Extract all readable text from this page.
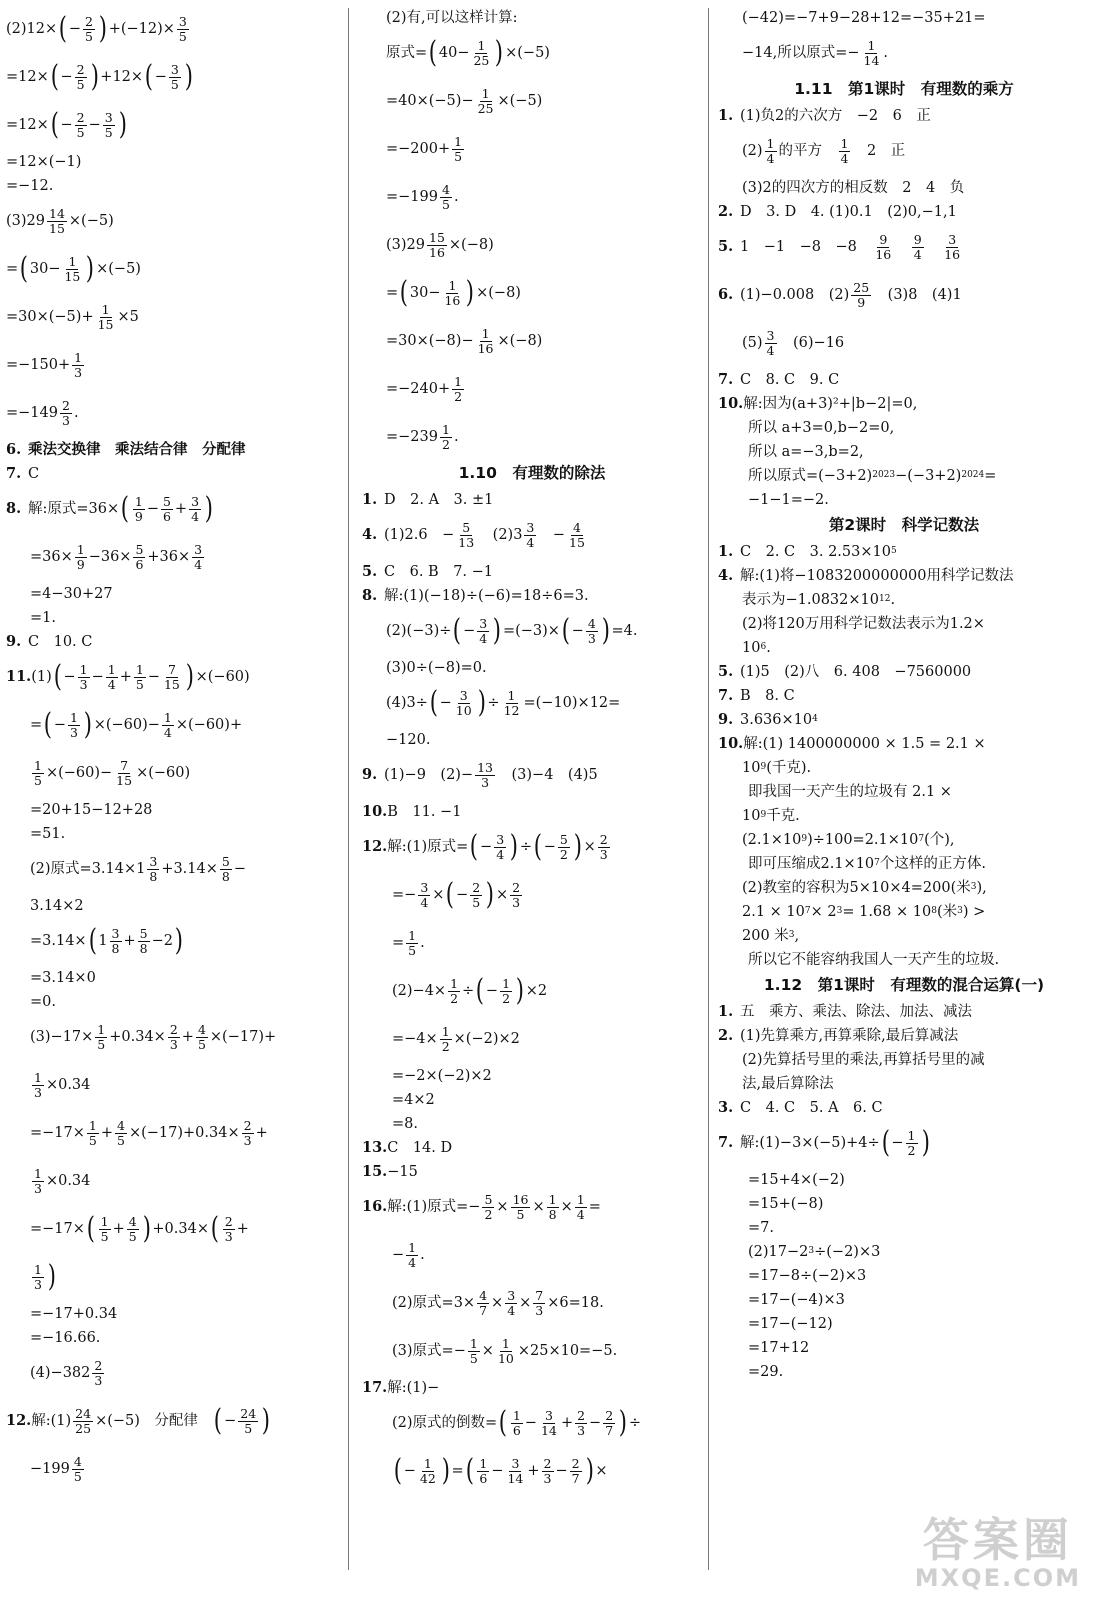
(2)12× ( − 2
5 ) $+(-12)\times \frac{3}{5}$
=12× ( − 2
5 ) +12× ( − 3
5 )
=12× ( − 2
5 − 3
5 )
=12×(−1)
=−12.
$(3)29 \frac{14}{15} \times(-5)$
= ( $30- \frac{1}{15}$ ) ×(−5)
$=30\times(-5)+ \frac{1}{15} \times 5$
$=-150+ \frac{1}{3}$
=−149 2
3 .
6. 乘法交换律　乘法结合律　分配律
7. C
8. 解:原式=36× ( 1
9 − 5
6 + 3
4 )
$=36\times \frac{1}{9} -36\times \frac{5}{6} +36\times \frac{3}{4}$
=4−30+27
=1.
9. C　10. C
11. (1) ( − 1
3 − 1
4 + 1
5 − 7
15 ) ×(−60)
= ( − 1
3 ) $\times(-60)- \frac{1}{4} \times(-60)+$
$\frac{1}{5} \times(-60)- \frac{7}{15} \times(-60)$
=20+15−12+28
=51.
(2)原式=3.14×1 3
$8 +3.14\times \frac{5}{8}$ −
3.14×2
=3.14× ( 1 3
8 + 5
8 −2 )
=3.14×0
=0.
$(3)-17\times \frac{1}{5} +0.34\times \frac{2}{3} + \frac{4}{5} \times(-17)+$
$\frac{1}{3} \times 0.34$
$=-17\times \frac{1}{5} + \frac{4}{5} \times(-17)+0.34\times \frac{2}{3}$ +
$\frac{1}{3} \times 0.34$
=−17× ( 1
$5 + \frac{4}{5}$ ) +0.34× ( 2
3 +
1
3 )
=−17+0.34
=−16.66.
(4)−382 2
3
12. 解:(1) $\frac{24}{25} \times(-5)$　分配律　 ( − 24
5 )
−199 4
5
(2)有,可以这样计算:
原式= ( $40- \frac{1}{25}$ ) ×(−5)
$=40\times(-5)- \frac{1}{25} \times(-5)$
$=-200+ \frac{1}{5}$
=−199 4
5 .
$(3)29 \frac{15}{16} \times(-8)$
= ( $30- \frac{1}{16}$ ) ×(−8)
$=30\times(-8)- \frac{1}{16} \times(-8)$
$=-240+ \frac{1}{2}$
=−239 1
2 .
1.10　有理数的除法
1. D　2. A　3. ±1
4. (1)2.6　− $\frac{5}{13}$ 　(2)3 3
4 　− $\frac{4}{15}$
5. C　6. B　7. −1
8. 解:(1)(−18)÷(−6)=18÷6=3.
(2)(−3)÷ ( − 3
4 ) =(−3)× ( − 4
3 ) =4.
(3)0÷(−8)=0.
(4)3÷ ( − 3
10 ) ÷ $\frac{1}{12} =(-10)\times 12=$
−120.
9. (1)−9　$(2)- \frac{13}{3}$ 　(3)−4　(4)5
10. B　11. −1
12. 解:(1)原式= ( − 3
4 ) ÷ ( − 5
2 ) × $\frac{2}{3}$
=− $\frac{3}{4}$ × ( − 2
5 ) × $\frac{2}{3}$
= $\frac{1}{5}$ .
$(2)-4\times \frac{1}{2}$ ÷ ( − 1
2 ) ×2
$=-4\times \frac{1}{2} \times(-2)\times 2$
=−2×(−2)×2
=4×2
=8.
13. C　14. D
15. −15
16. 解:(1)原式=− $\frac{5}{2} \times \frac{16}{5} \times \frac{1}{8} \times \frac{1}{4}$ =
− $\frac{1}{4}$ .
(2)原式$=3\times \frac{4}{7} \times \frac{3}{4} \times \frac{7}{3} \times 6=18$.
(3)原式=− $\frac{1}{5} \times \frac{1}{10} \times 25\times 10=-5$.
17. 解:(1)−
(2)原式的倒数= ( 1
$6 - \frac{3}{14} + \frac{2}{3} - \frac{2}{7}$ ) ÷
( − 1
42 ) = ( 1
$6 - \frac{3}{14} + \frac{2}{3} - \frac{2}{7}$ ) ×
(−42)=−7+9−28+12=−35+21=
−14,所以原式=− $\frac{1}{14}$ .
1.11　第1课时　有理数的乘方
1. (1)负2的六次方　−2　6　正
(2) 1
4 的平方　 1
4 　2　正
(3)2的四次方的相反数　2　4　负
2. D　3. D　4. (1)0.1　(2)0,−1,1
5. 1　−1　−8　−8　 9
16

9
4

3
16
6. (1)−0.008　(2) 25
9 　(3)8　(4)1
(5) 3
4 　(6)−16
7. C　8. C　9. C
10. 解:因为(a+3)²+|b−2|=0,
所以 a+3=0,b−2=0,
所以 a=−3,b=2,
所以原式=(−3+2) 2023 −(−3+2) 2024 =
−1−1=−2.
第2课时　科学记数法
1. C　2. C　3. 2.53×10 5
4. 解:(1)将−1083200000000用科学记数法
表示为−1.0832×10 12 .
(2)将120万用科学记数法表示为1.2×
10 6 .
5. (1)5　(2)八　6. 408　−7560000
7. B　8. C
9. 3.636×10 4
10. 解:(1) 1400000000 × 1.5 = 2.1 ×
10 9 (千克).
即我国一天产生的垃圾有 2.1 ×
10 9 千克.
(2.1×10 9 )÷100=2.1×10 7 (个),
即可压缩成2.1×10 7 个这样的正方体.
(2)教室的容积为5×10×4=200(米 3 ),
2.1 × 10 7 × 2 3 = 1.68 × 10 8 (米 3 ) >
200 米 3 ,
所以它不能容纳我国人一天产生的垃圾.
1.12　第1课时　有理数的混合运算(一)
1. 五　乘方、乘法、除法、加法、减法
2. (1)先算乘方,再算乘除,最后算减法
(2)先算括号里的乘法,再算括号里的减
法,最后算除法
3. C　4. C　5. A　6. C
7. 解:(1)−3×(−5)+4÷ ( − 1
2 )
=15+4×(−2)
=15+(−8)
=7.
(2)17−2 3 ÷(−2)×3
=17−8÷(−2)×3
=17−(−4)×3
=17−(−12)
=17+12
=29.
答案圈
MXQE.COM
